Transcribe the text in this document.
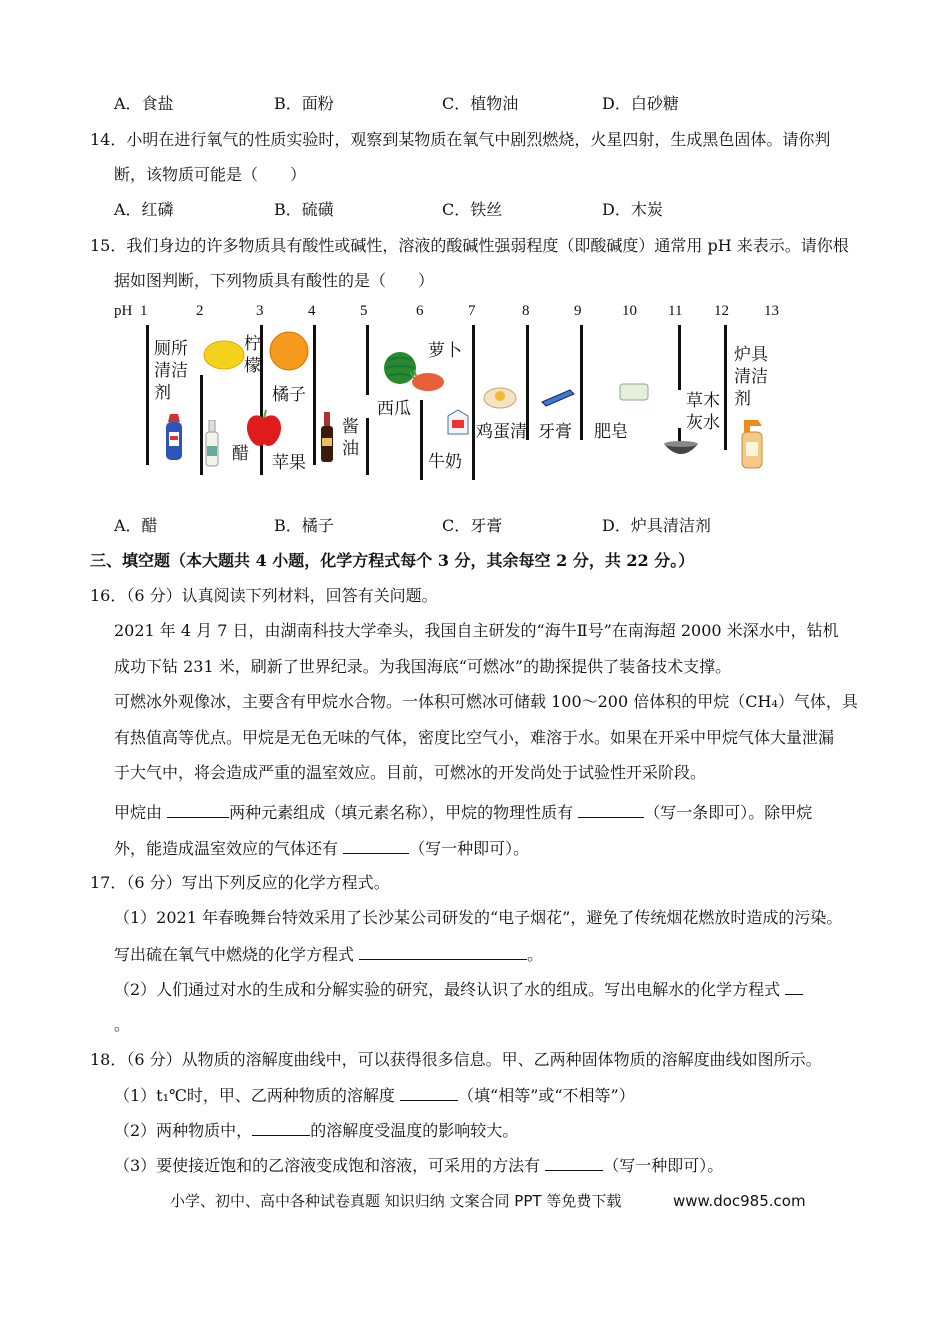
A．食盐	B．面粉	C．植物油	D．白砂糖
14．小明在进行氧气的性质实验时，观察到某物质在氧气中剧烈燃烧，火星四射，生成黑色固体。请你判
断，该物质可能是（　　）
A．红磷	B．硫磺	C．铁丝	D．木炭
15．我们身边的许多物质具有酸性或碱性，溶液的酸碱性强弱程度（即酸碱度）通常用 pH 来表示。请你根
据如图判断，下列物质具有酸性的是（　　）
pH 1	2	3	4	5	6	7	8	9	10 11 12 13
厕所清洁剂
柠檬
橘子
醋 苹果
酱油
西瓜
萝卜
牛奶
鸡蛋清 牙膏 肥皂
草木灰水
炉具清洁剂
A．醋	B．橘子	C．牙膏	D．炉具清洁剂
三、填空题（本大题共 4 小题，化学方程式每个 3 分，其余每空 2 分，共 22 分。）
16．（6 分）认真阅读下列材料，回答有关问题。
2021 年 4 月 7 日，由湖南科技大学牵头，我国自主研发的“海牛Ⅱ号”在南海超 2000 米深水中，钻机
成功下钻 231 米，刷新了世界纪录。为我国海底“可燃冰”的勘探提供了装备技术支撑。
可燃冰外观像冰，主要含有甲烷水合物。一体积可燃冰可储载 100～200 倍体积的甲烷（CH₄）气体，具
有热值高等优点。甲烷是无色无味的气体，密度比空气小，难溶于水。如果在开采中甲烷气体大量泄漏
于大气中，将会造成严重的温室效应。目前，可燃冰的开发尚处于试验性开采阶段。
甲烷由	两种元素组成（填元素名称），甲烷的物理性质有	（写一条即可）。除甲烷
外，能造成温室效应的气体还有	（写一种即可）。
17．（6 分）写出下列反应的化学方程式。
（1）2021 年春晚舞台特效采用了长沙某公司研发的“电子烟花”，避免了传统烟花燃放时造成的污染。
写出硫在氧气中燃烧的化学方程式	。
（2）人们通过对水的生成和分解实验的研究，最终认识了水的组成。写出电解水的化学方程式
。
18．（6 分）从物质的溶解度曲线中，可以获得很多信息。甲、乙两种固体物质的溶解度曲线如图所示。
（1）t₁℃时，甲、乙两种物质的溶解度	（填“相等”或“不相等”）
（2）两种物质中，	的溶解度受温度的影响较大。
（3）要使接近饱和的乙溶液变成饱和溶液，可采用的方法有	（写一种即可）。
小学、初中、高中各种试卷真题 知识归纳 文案合同 PPT 等免费下载	www.doc985.com
